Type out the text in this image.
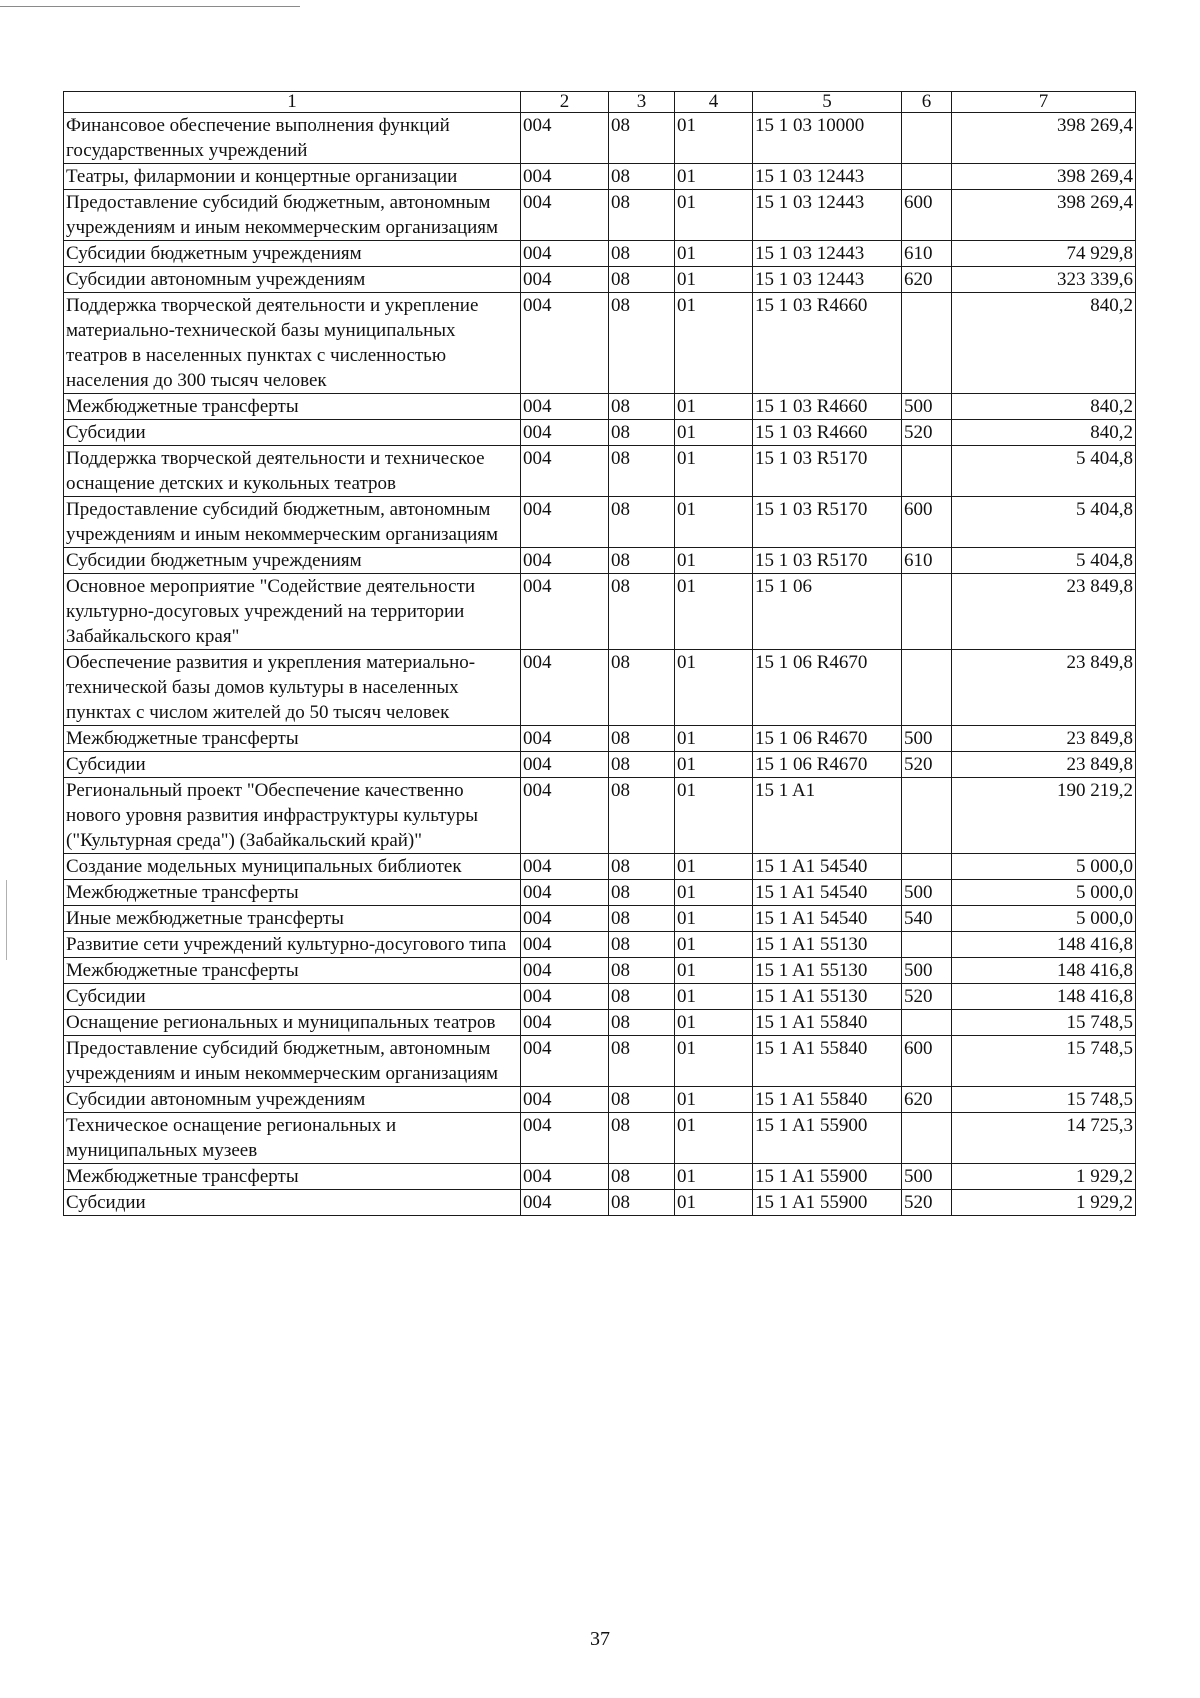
1	2	3	4	5	6	7
Финансовое обеспечение выполнения функций государственных учреждений	004	08	01	15 1 03 10000		398 269,4
Театры, филармонии и концертные организации	004	08	01	15 1 03 12443		398 269,4
Предоставление субсидий бюджетным, автономным учреждениям и иным некоммерческим организациям	004	08	01	15 1 03 12443	600	398 269,4
Субсидии бюджетным учреждениям	004	08	01	15 1 03 12443	610	74 929,8
Субсидии автономным учреждениям	004	08	01	15 1 03 12443	620	323 339,6
Поддержка творческой деятельности и укрепление материально-технической базы муниципальных театров в населенных пунктах с численностью населения до 300 тысяч человек	004	08	01	15 1 03 R4660		840,2
Межбюджетные трансферты	004	08	01	15 1 03 R4660	500	840,2
Субсидии	004	08	01	15 1 03 R4660	520	840,2
Поддержка творческой деятельности и техническое оснащение детских и кукольных театров	004	08	01	15 1 03 R5170		5 404,8
Предоставление субсидий бюджетным, автономным учреждениям и иным некоммерческим организациям	004	08	01	15 1 03 R5170	600	5 404,8
Субсидии бюджетным учреждениям	004	08	01	15 1 03 R5170	610	5 404,8
Основное мероприятие "Содействие деятельности культурно-досуговых учреждений на территории Забайкальского края"	004	08	01	15 1 06		23 849,8
Обеспечение развития и укрепления материально-технической базы домов культуры в населенных пунктах с числом жителей до 50 тысяч человек	004	08	01	15 1 06 R4670		23 849,8
Межбюджетные трансферты	004	08	01	15 1 06 R4670	500	23 849,8
Субсидии	004	08	01	15 1 06 R4670	520	23 849,8
Региональный проект "Обеспечение качественно нового уровня развития инфраструктуры культуры ("Культурная среда") (Забайкальский край)"	004	08	01	15 1 A1		190 219,2
Создание модельных муниципальных библиотек	004	08	01	15 1 A1 54540		5 000,0
Межбюджетные трансферты	004	08	01	15 1 A1 54540	500	5 000,0
Иные межбюджетные трансферты	004	08	01	15 1 A1 54540	540	5 000,0
Развитие сети учреждений культурно-досугового типа	004	08	01	15 1 A1 55130		148 416,8
Межбюджетные трансферты	004	08	01	15 1 A1 55130	500	148 416,8
Субсидии	004	08	01	15 1 A1 55130	520	148 416,8
Оснащение региональных и муниципальных театров	004	08	01	15 1 A1 55840		15 748,5
Предоставление субсидий бюджетным, автономным учреждениям и иным некоммерческим организациям	004	08	01	15 1 A1 55840	600	15 748,5
Субсидии автономным учреждениям	004	08	01	15 1 A1 55840	620	15 748,5
Техническое оснащение региональных и муниципальных музеев	004	08	01	15 1 A1 55900		14 725,3
Межбюджетные трансферты	004	08	01	15 1 A1 55900	500	1 929,2
Субсидии	004	08	01	15 1 A1 55900	520	1 929,2
37
